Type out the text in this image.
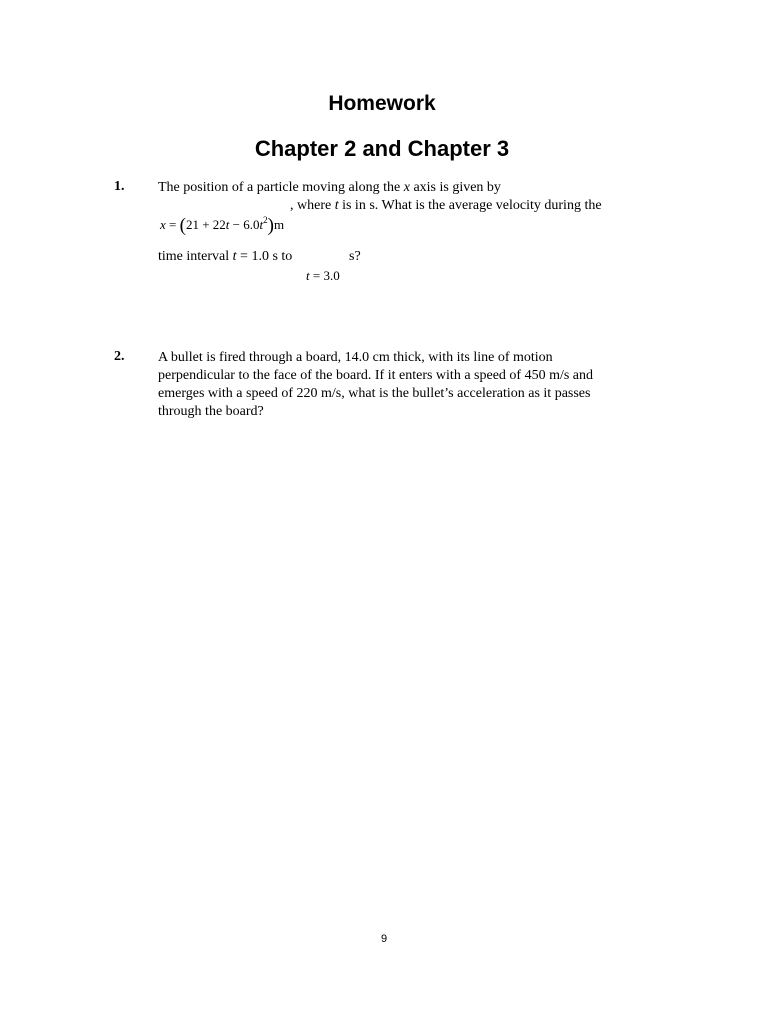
Homework
Chapter 2 and Chapter 3
1. The position of a particle moving along the x axis is given by
, where t is in s. What is the average velocity during the
$x = (21 + 22t - 6.0t^2)m$
time interval t = 1.0 s to	s?
t = 3.0
2. A bullet is fired through a board, 14.0 cm thick, with its line of motion
perpendicular to the face of the board. If it enters with a speed of 450 m/s and
emerges with a speed of 220 m/s, what is the bullet’s acceleration as it passes
through the board?
9
